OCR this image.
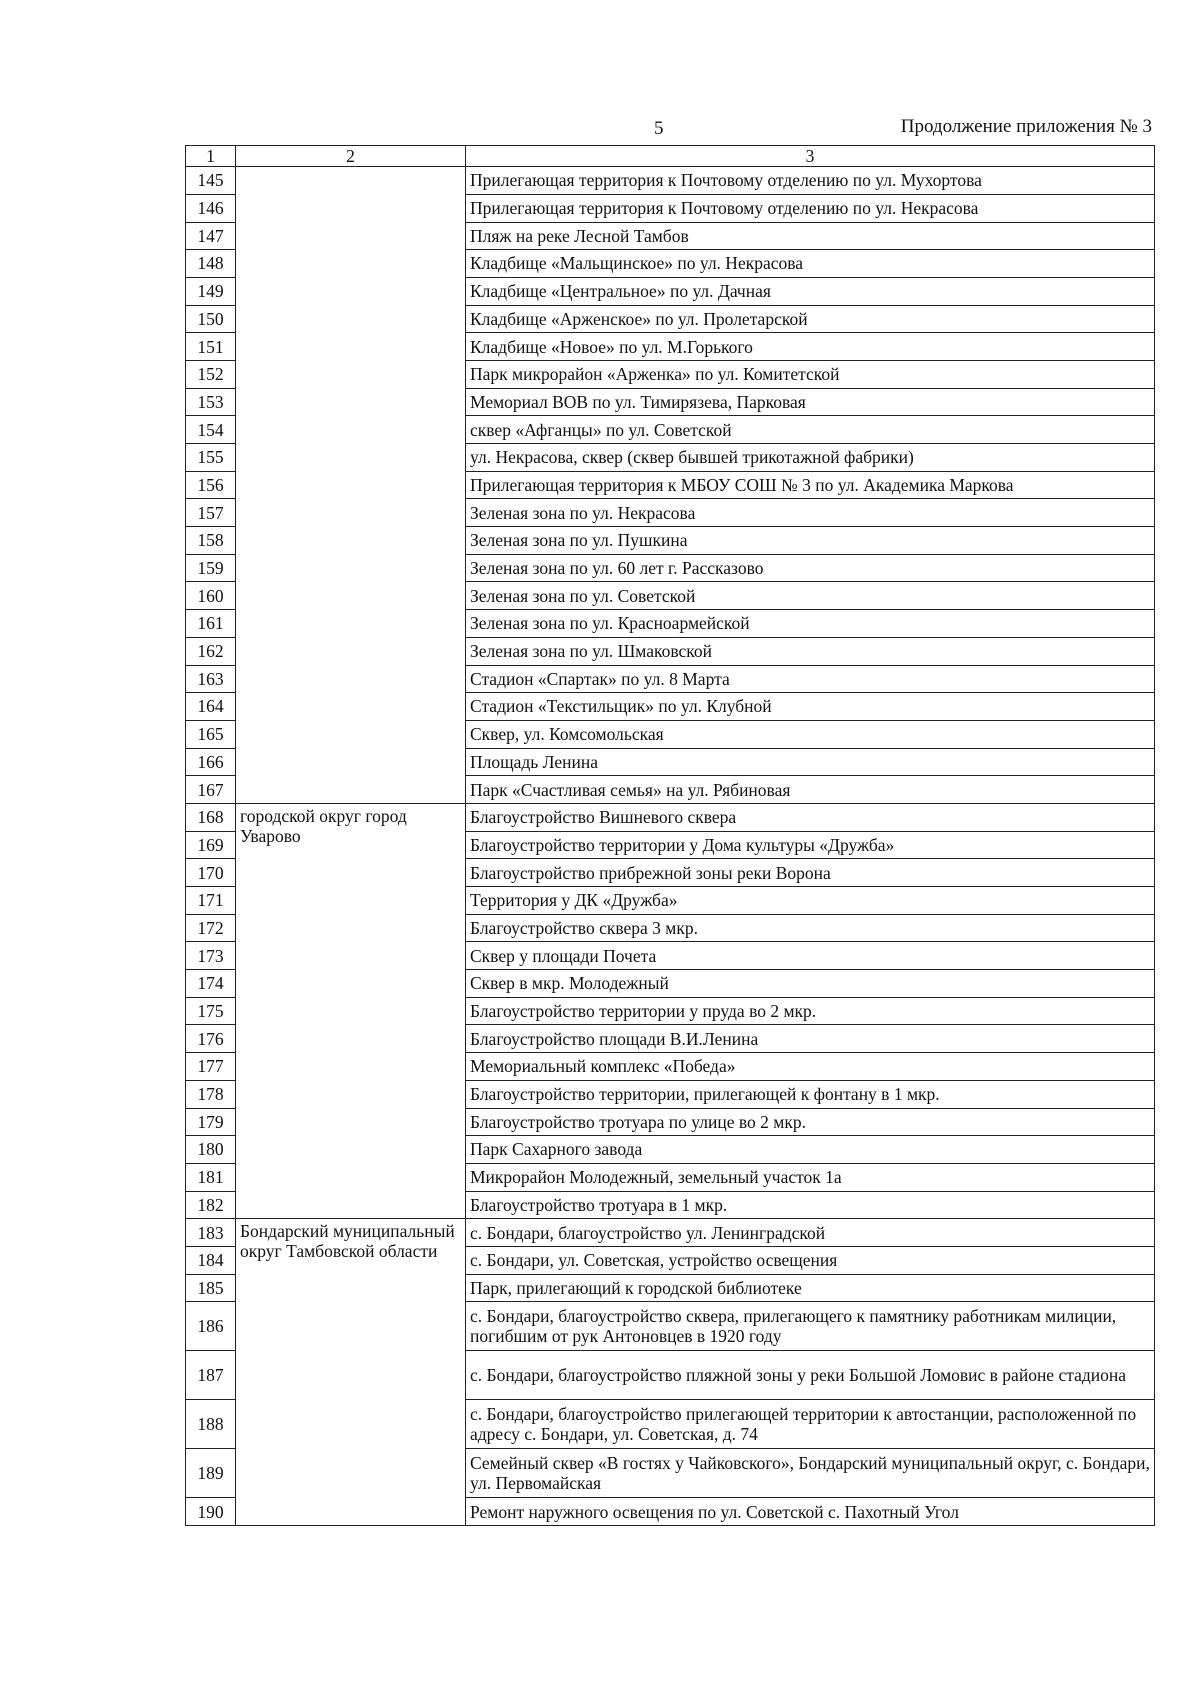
5	Продолжение приложения № 3
1	2	3
145		Прилегающая территория к Почтовому отделению по ул. Мухортова
146		Прилегающая территория к Почтовому отделению по ул. Некрасова
147		Пляж на реке Лесной Тамбов
148		Кладбище «Мальщинское» по ул. Некрасова
149		Кладбище «Центральное» по ул. Дачная
150		Кладбище «Арженское» по ул. Пролетарской
151		Кладбище «Новое» по ул. М.Горького
152		Парк микрорайон «Арженка» по ул. Комитетской
153		Мемориал ВОВ по ул. Тимирязева, Парковая
154		сквер «Афганцы» по ул. Советской
155		ул. Некрасова, сквер (сквер бывшей трикотажной фабрики)
156		Прилегающая территория к МБОУ СОШ № 3 по ул. Академика Маркова
157		Зеленая зона по ул. Некрасова
158		Зеленая зона по ул. Пушкина
159		Зеленая зона по ул. 60 лет г. Рассказово
160		Зеленая зона по ул. Советской
161		Зеленая зона по ул. Красноармейской
162		Зеленая зона по ул. Шмаковской
163		Стадион «Спартак» по ул. 8 Марта
164		Стадион «Текстильщик» по ул. Клубной
165		Сквер, ул. Комсомольская
166		Площадь Ленина
167		Парк «Счастливая семья» на ул. Рябиновая
168	городской округ город Уварово	Благоустройство Вишневого сквера
169		Благоустройство территории у Дома культуры «Дружба»
170		Благоустройство прибрежной зоны реки Ворона
171		Территория у ДК «Дружба»
172		Благоустройство сквера 3 мкр.
173		Сквер у площади Почета
174		Сквер в мкр. Молодежный
175		Благоустройство территории у пруда во 2 мкр.
176		Благоустройство площади В.И.Ленина
177		Мемориальный комплекс «Победа»
178		Благоустройство территории, прилегающей к фонтану в 1 мкр.
179		Благоустройство тротуара по улице во 2 мкр.
180		Парк Сахарного завода
181		Микрорайон Молодежный, земельный участок 1а
182		Благоустройство тротуара в 1 мкр.
183	Бондарский муниципальный округ Тамбовской области	с. Бондари, благоустройство ул. Ленинградской
184		с. Бондари, ул. Советская, устройство освещения
185		Парк, прилегающий к городской библиотеке
186		с. Бондари, благоустройство сквера, прилегающего к памятнику работникам милиции, погибшим от рук Антоновцев в 1920 году
187		с. Бондари, благоустройство пляжной зоны у реки Большой Ломовис в районе стадиона
188		с. Бондари, благоустройство прилегающей территории к автостанции, расположенной по адресу с. Бондари, ул. Советская, д. 74
189		Семейный сквер «В гостях у Чайковского», Бондарский муниципальный округ, с. Бондари, ул. Первомайская
190		Ремонт наружного освещения по ул. Советской с. Пахотный Угол
